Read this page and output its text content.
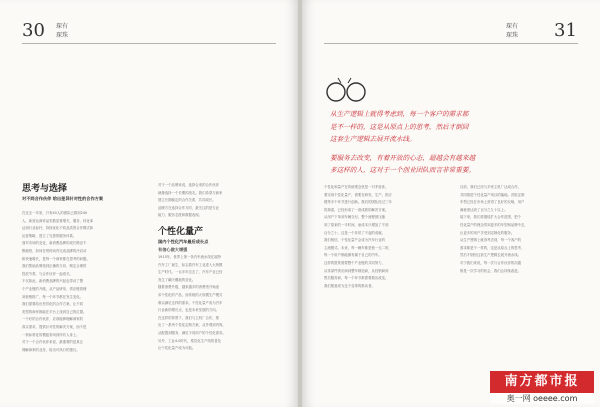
30 琛有
琛珠
思考与选择
对不同合作伙伴 给出差异针对性的合作方案
在过去一年里，只有40人的团队已做到240
人，新营运商家品类数显著增长，服务、转化率
达到行业标杆，持续优化不同品类的合作模式和
运营策略，建立了完善的服务体系。
面对市场的变化，新消费品牌的成长路径不
断缩短，如何在短时间内完成品牌的冷启动
和快速增长，是每一个商家都在思考的问题。
我们帮助品牌找到正确的方向，制定合理的
投放节奏，与合作伙伴一起成长。
不仅如此，新消费品牌的兴起也带动了整
个产业链的升级，从产品研发、供应链管理
到营销推广，每一个环节都在发生变化。
我们需要给出差异化的合作方案，让不同
类型的商家都能在平台上找到自己的位置。
一个好的合作伙伴，应该能够理解商家的
真实需求，提供针对性的解决方案，而不是
一套标准化的模板套用到所有人身上。
对于一个合作伙伴来说，最重要的是真正
理解商家的业务，给出可执行的建议。
对于一个品牌来说，选择合适的合作伙伴
就像选择一个长期的战友。我们希望与商家
建立长期稳定的合作关系，共同成长。
品牌方在选择合作方时，最关注的是专业
能力、服务态度和数据表现。
个性化量产
国内个性化汽车最后成长点
有信心做大增强
1913年，世界上第一条汽车流水线在福特
汽车工厂诞生，标志着汽车工业进入大规模
生产时代。一百多年过去了，汽车产业已经
发生了翻天覆地的变化。
随着消费升级，越来越多的消费者开始追
求个性化的产品，而传统的大规模生产模式
难以满足这样的需求。个性化量产成为汽车
行业新的增长点，也是未来发展的方向。
在这样的背景下，我们与主机厂合作，推
出了一系列个性化定制方案，从外观到内饰，
从配置到服务，满足不同用户的个性化需求。
另外，工业4.0时代，柔性化生产线的普及
让个性化量产成为可能。
琛有
琛珠	31
从生产逻辑上就得考虑到，每一个客户的需求都
是不一样的，这是从原点上的思考，然后才倒回
这套生产逻辑去展开流水线。
要服务去改变，有着开放的心态，超越会有越来越
多这样的人，这对于一个创业团队而言非常重要。
个性化和量产在传统观念里是一对矛盾体，
要实现个性化量产，需要在研发、生产、供应
链等多个环节进行创新。我们的团队经过三年
的探索，已经形成了一套成熟的解决方案。
从用户下单到车辆交付，整个流程被压缩
到了原来的一半时间，而成本只增加了不到
百分之十。这是一个非常了不起的成就。
我们相信，个性化量产会成为汽车行业的
主流模式。未来，每一辆车都是独一无二的，
每一个用户都能拥有属于自己的汽车。
这样的愿景需要整个产业链的共同努力，
从零部件供应商到整车制造商，从经销商到
售后服务商，每一个环节都需要做出改变。
我们愿意成为这个变革的推动者。
目前，我们已经与多家主机厂达成合作，
共同推进个性化量产项目的落地。首批定制
车型已经在市场上获得了良好的反响，用户
满意度达到了百分之九十以上。
接下来，我们将继续扩大合作范围，把个
性化量产的理念带到更多的车型和品牌中去，
让更多的用户享受到定制化的服务。
从生产逻辑上就得考虑到，每一个客户的
需求都是不一样的，这是从原点上的思考，
然后才倒回这套生产逻辑去展开流水线。
对于我们来说，每一次与合作伙伴的沟通
都是一次学习的机会，我们会持续改进。
南方都市报
奥一网 oeeee.com
